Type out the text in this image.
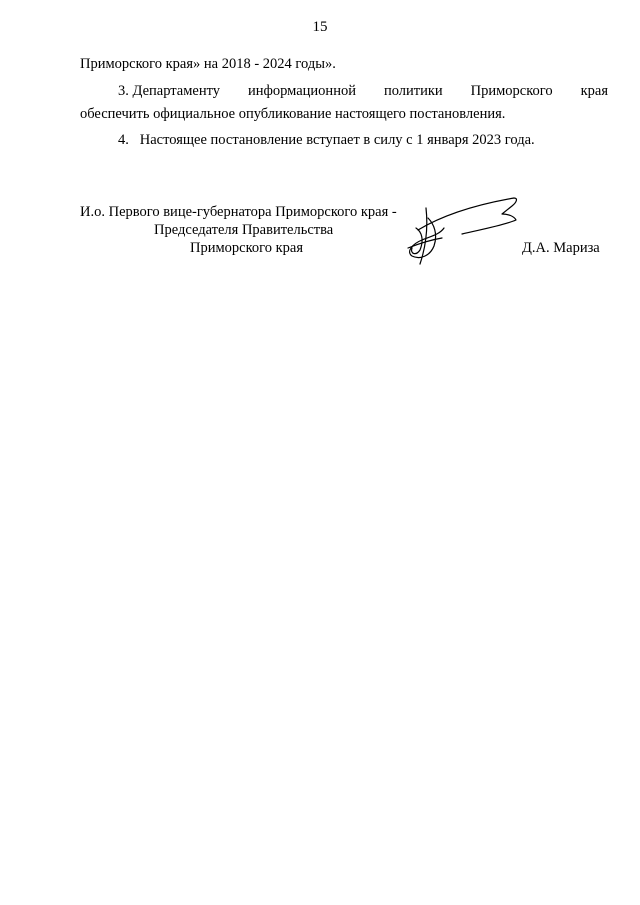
15
Приморского края» на 2018 - 2024 годы».
3. Департаменту информационной политики Приморского края
обеспечить официальное опубликование настоящего постановления.
4. Настоящее постановление вступает в силу с 1 января 2023 года.
И.о. Первого вице-губернатора Приморского края -
Председателя Правительства
Приморского края	Д.А. Мариза
